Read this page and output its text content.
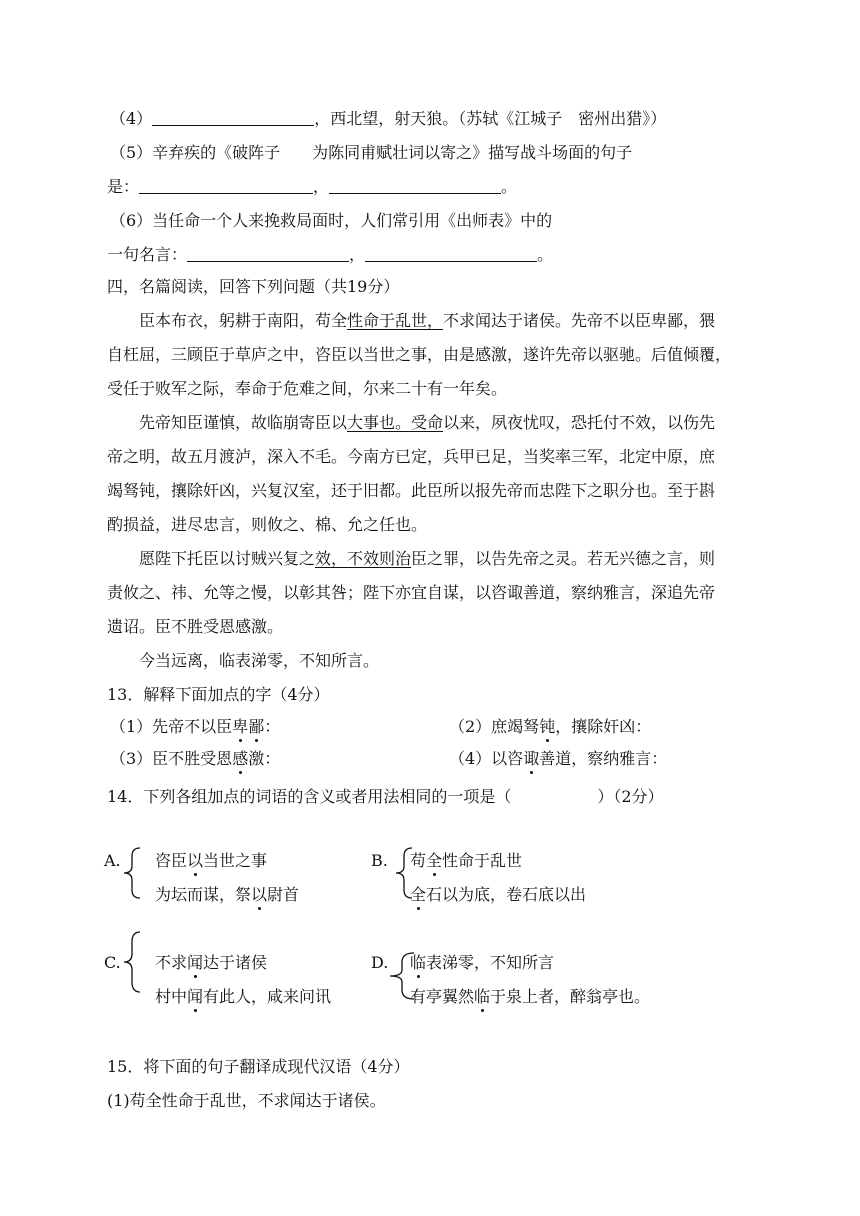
（4）	，西北望，射天狼。（苏轼《江城子　密州出猎》）
（5）辛弃疾的《破阵子　　为陈同甫赋壮词以寄之》描写战斗场面的句子
是：	，	。
（6）当任命一个人来挽救局面时，人们常引用《出师表》中的
一句名言：	，	。
四，名篇阅读，回答下列问题（共19分）
臣本布衣，躬耕于南阳，苟全性命于乱世，不求闻达于诸侯。先帝不以臣卑鄙，猥
自枉屈，三顾臣于草庐之中，咨臣以当世之事，由是感激，遂许先帝以驱驰。后值倾覆，
受任于败军之际，奉命于危难之间，尔来二十有一年矣。
先帝知臣谨慎，故临崩寄臣以大事也。受命以来，夙夜忧叹，恐托付不效，以伤先
帝之明，故五月渡泸，深入不毛。今南方已定，兵甲已足，当奖率三军，北定中原，庶
竭驽钝，攘除奸凶，兴复汉室，还于旧都。此臣所以报先帝而忠陛下之职分也。至于斟
酌损益，进尽忠言，则攸之、棉、允之任也。
愿陛下托臣以讨贼兴复之效，不效则治臣之罪，以告先帝之灵。若无兴德之言，则
责攸之、祎、允等之慢，以彰其咎；陛下亦宜自谋，以咨诹善道，察纳雅言，深追先帝
遗诏。臣不胜受恩感激。
今当远离，临表涕零，不知所言。
13．解释下面加点的字（4分）
（1）先帝不以臣卑鄙：	（2）庶竭驽钝，攘除奸凶：
（3）臣不胜受恩感激：	（4）以咨诹善道，察纳雅言：
14．下列各组加点的词语的含义或者用法相同的一项是（	）（2分）
A. 咨臣以当世之事
为坛而谋，祭以尉首
B. 苟全性命于乱世
全石以为底，卷石底以出
C. 不求闻达于诸侯
村中闻有此人，咸来问讯
D. 临表涕零，不知所言
有亭翼然临于泉上者，醉翁亭也。
15．将下面的句子翻译成现代汉语（4分）
(1)苟全性命于乱世，不求闻达于诸侯。
